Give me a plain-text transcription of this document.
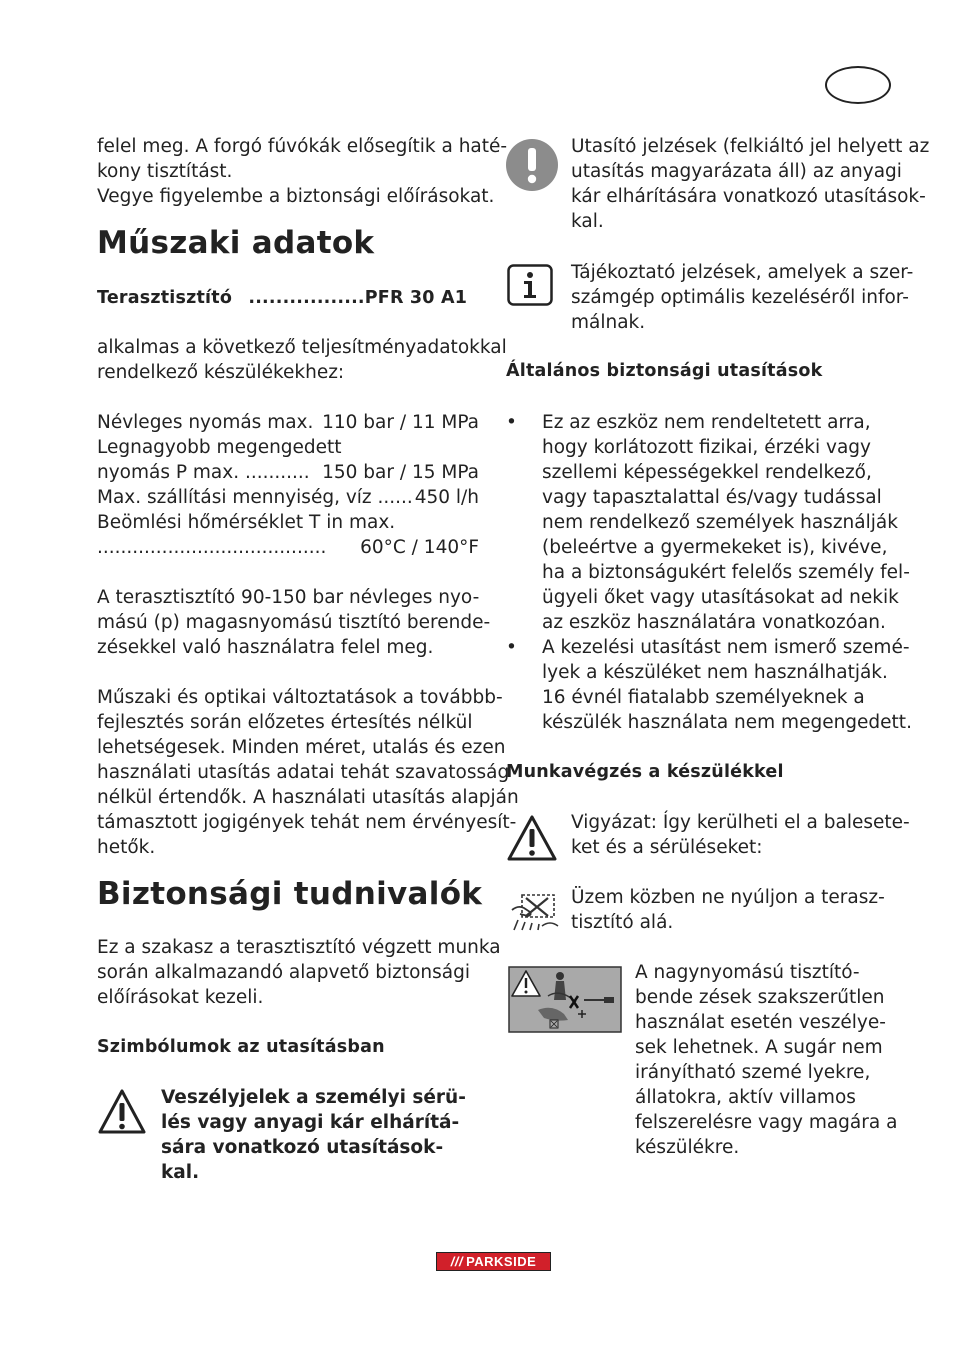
felel meg. A forgó fúvókák elősegítik a haté-
kony tisztítást.
Vegye figyelembe a biztonsági előírásokat.
Műszaki adatok
Terasztisztító .................PFR 30 A1
alkalmas a következő teljesítményadatokkal
rendelkező készülékekhez:
Névleges nyomás max. 110 bar / 11 MPa
Legnagyobb megengedett
nyomás P max. ........... 150 bar / 15 MPa
Max. szállítási mennyiség, víz ...... 450 l/h
Beömlési hőmérséklet T in max.
....................................... 60°C / 140°F
A terasztisztító 90-150 bar névleges nyo-
mású (p) magasnyomású tisztító berende-
zésekkel való használatra felel meg.
Műszaki és optikai változtatások a továbbb-
fejlesztés során előzetes értesítés nélkül
lehetségesek. Minden méret, utalás és ezen
használati utasítás adatai tehát szavatosság
nélkül értendők. A használati utasítás alapján
támasztott jogigények tehát nem érvényesít-
hetők.
Biztonsági tudnivalók
Ez a szakasz a terasztisztító végzett munka
során alkalmazandó alapvető biztonsági
előírásokat kezeli.
Szimbólumok az utasításban
Veszélyjelek a személyi sérü-
lés vagy anyagi kár elhárítá-
sára vonatkozó utasítások-
kal.
Utasító jelzések (felkiáltó jel helyett az
utasítás magyarázata áll) az anyagi
kár elhárítására vonatkozó utasítások-
kal.
Tájékoztató jelzések, amelyek a szer-
számgép optimális kezeléséről infor-
málnak.
Általános biztonsági utasítások
• Ez az eszköz nem rendeltetett arra,
hogy korlátozott fizikai, érzéki vagy
szellemi képességekkel rendelkező,
vagy tapasztalattal és/vagy tudással
nem rendelkező személyek használják
(beleértve a gyermekeket is), kivéve,
ha a biztonságukért felelős személy fel-
ügyeli őket vagy utasításokat ad nekik
az eszköz használatára vonatkozóan.
• A kezelési utasítást nem ismerő szemé-
lyek a készüléket nem használhatják.
16 évnél fiatalabb személyeknek a
készülék használata nem megengedett.
Munkavégzés a készülékkel
Vigyázat: Így kerülheti el a balesete-
ket és a sérüléseket:
Üzem közben ne nyúljon a terasz-
tisztító alá.
A nagynyomású tisztító-
bende zések szakszerűtlen
használat esetén veszélye-
sek lehetnek. A sugár nem
irányítható szemé lyekre,
állatokra, aktív villamos
felszerelésre vagy magára a
készülékre.
/// PARKSIDE
